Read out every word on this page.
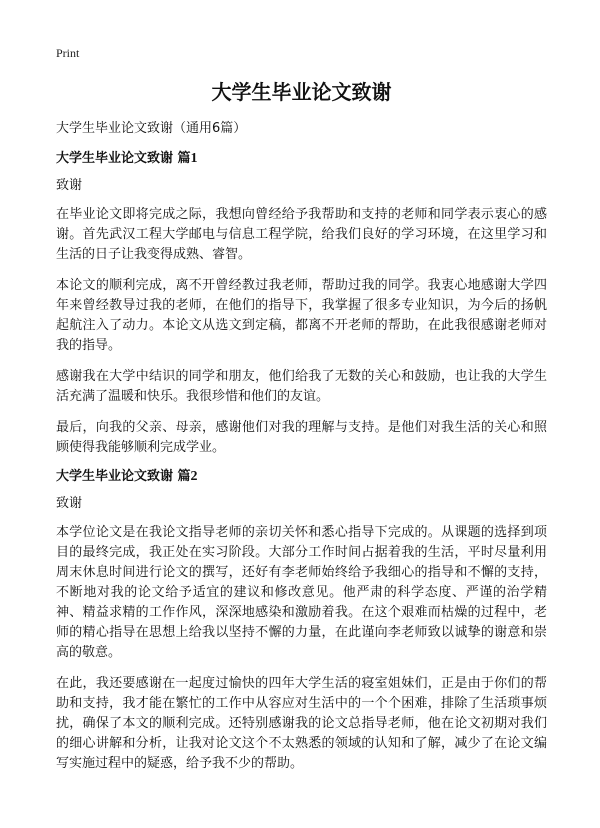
Print
大学生毕业论文致谢
大学生毕业论文致谢（通用6篇）
大学生毕业论文致谢 篇1
致谢

在毕业论文即将完成之际，我想向曾经给予我帮助和支持的老师和同学表示衷心的感谢。首先武汉工程大学邮电与信息工程学院，给我们良好的学习环境，在这里学习和生活的日子让我变得成熟、睿智。

本论文的顺利完成，离不开曾经教过我老师，帮助过我的同学。我衷心地感谢大学四年来曾经教导过我的老师，在他们的指导下，我掌握了很多专业知识，为今后的扬帆起航注入了动力。本论文从选文到定稿，都离不开老师的帮助，在此我很感谢老师对我的指导。

感谢我在大学中结识的同学和朋友，他们给我了无数的关心和鼓励，也让我的大学生活充满了温暖和快乐。我很珍惜和他们的友谊。

最后，向我的父亲、母亲，感谢他们对我的理解与支持。是他们对我生活的关心和照顾使得我能够顺利完成学业。

大学生毕业论文致谢 篇2
致谢

本学位论文是在我论文指导老师的亲切关怀和悉心指导下完成的。从课题的选择到项目的最终完成，我正处在实习阶段。大部分工作时间占据着我的生活，平时尽量利用周末休息时间进行论文的撰写，还好有李老师始终给予我细心的指导和不懈的支持，不断地对我的论文给予适宜的建议和修改意见。他严肃的科学态度、严谨的治学精神、精益求精的工作作风，深深地感染和激励着我。在这个艰难而枯燥的过程中，老师的精心指导在思想上给我以坚持不懈的力量，在此谨向李老师致以诚挚的谢意和崇高的敬意。

在此，我还要感谢在一起度过愉快的四年大学生活的寝室姐妹们，正是由于你们的帮助和支持，我才能在繁忙的工作中从容应对生活中的一个个困难，排除了生活琐事烦扰，确保了本文的顺利完成。还特别感谢我的论文总指导老师，他在论文初期对我们的细心讲解和分析，让我对论文这个不太熟悉的领域的认知和了解，减少了在论文编写实施过程中的疑惑，给予我不少的帮助。
